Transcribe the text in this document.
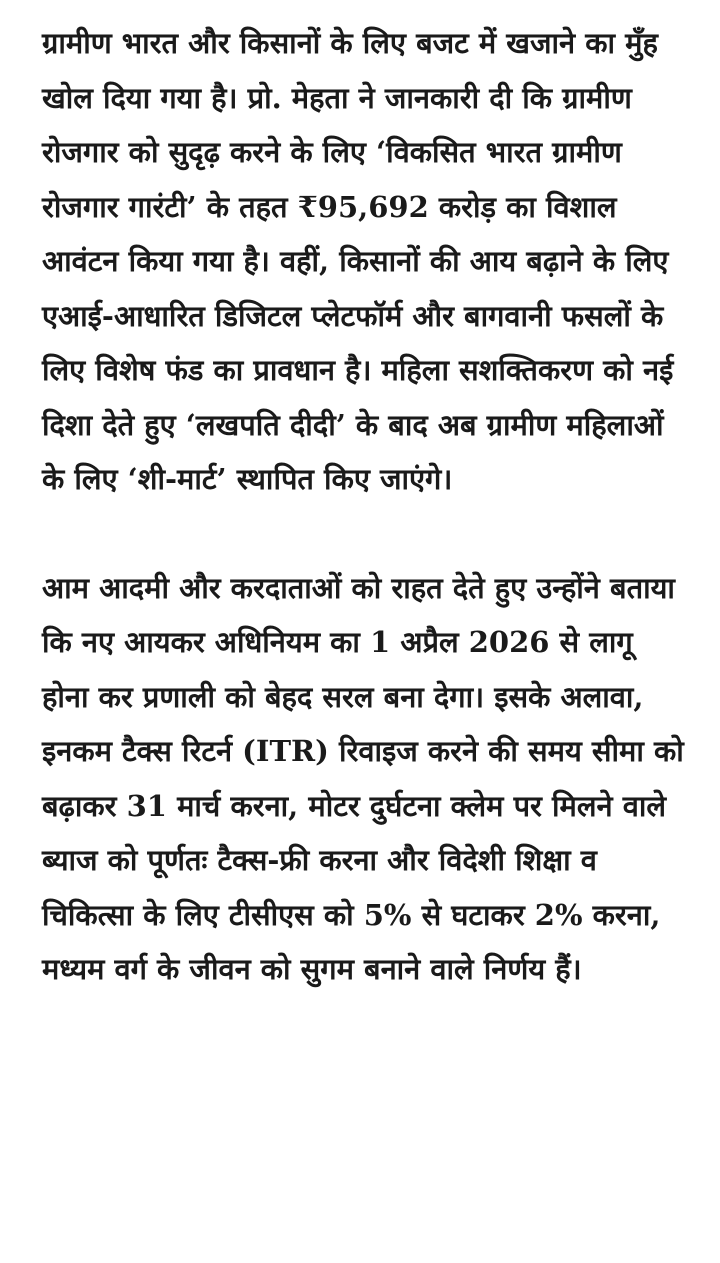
ग्रामीण भारत और किसानों के लिए बजट में खजाने का मुँह खोल दिया गया है। प्रो. मेहता ने जानकारी दी कि ग्रामीण रोजगार को सुदृढ़ करने के लिए ‘विकसित भारत ग्रामीण रोजगार गारंटी’ के तहत ₹95,692 करोड़ का विशाल आवंटन किया गया है। वहीं, किसानों की आय बढ़ाने के लिए एआई-आधारित डिजिटल प्लेटफॉर्म और बागवानी फसलों के लिए विशेष फंड का प्रावधान है। महिला सशक्तिकरण को नई दिशा देते हुए ‘लखपति दीदी’ के बाद अब ग्रामीण महिलाओं के लिए ‘शी-मार्ट’ स्थापित किए जाएंगे।

आम आदमी और करदाताओं को राहत देते हुए उन्होंने बताया कि नए आयकर अधिनियम का 1 अप्रैल 2026 से लागू होना कर प्रणाली को बेहद सरल बना देगा। इसके अलावा, इनकम टैक्स रिटर्न (ITR) रिवाइज करने की समय सीमा को बढ़ाकर 31 मार्च करना, मोटर दुर्घटना क्लेम पर मिलने वाले ब्याज को पूर्णतः टैक्स-फ्री करना और विदेशी शिक्षा व चिकित्सा के लिए टीसीएस को 5% से घटाकर 2% करना, मध्यम वर्ग के जीवन को सुगम बनाने वाले निर्णय हैं।
